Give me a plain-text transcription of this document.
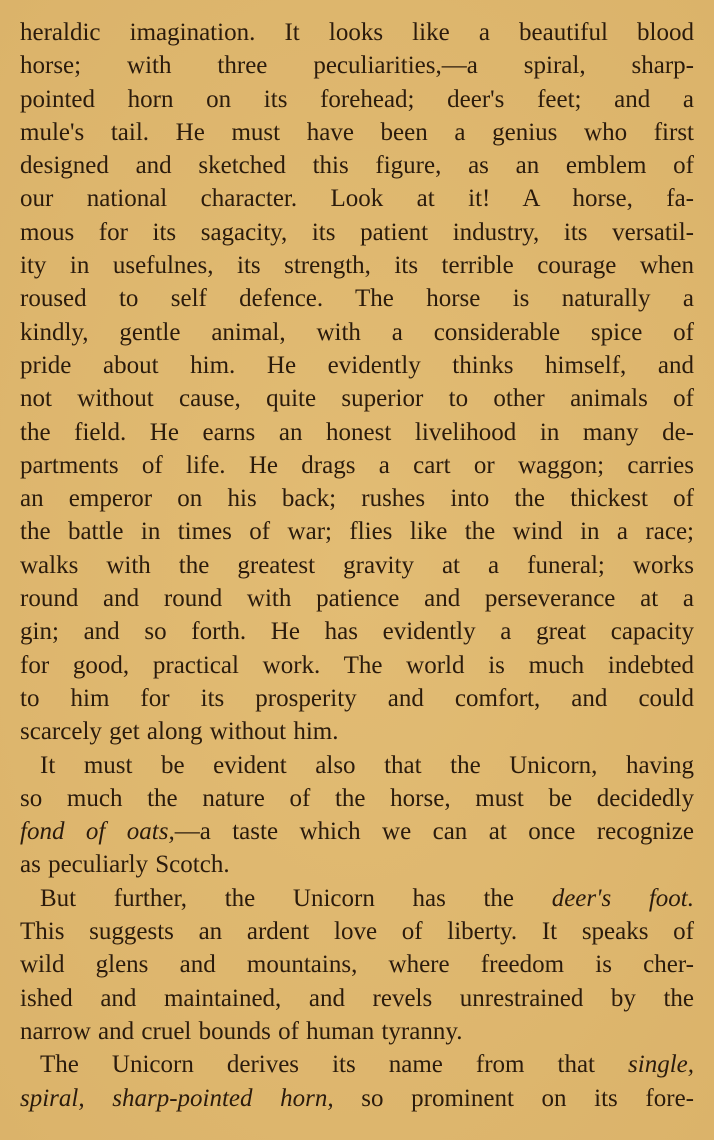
heraldic imagination. It looks like a beautiful blood
horse; with three peculiarities,—a spiral, sharp-
pointed horn on its forehead; deer's feet; and a
mule's tail. He must have been a genius who first
designed and sketched this figure, as an emblem of
our national character. Look at it! A horse, fa-
mous for its sagacity, its patient industry, its versatil-
ity in usefulnes, its strength, its terrible courage when
roused to self defence. The horse is naturally a
kindly, gentle animal, with a considerable spice of
pride about him. He evidently thinks himself, and
not without cause, quite superior to other animals of
the field. He earns an honest livelihood in many de-
partments of life. He drags a cart or waggon; carries
an emperor on his back; rushes into the thickest of
the battle in times of war; flies like the wind in a race;
walks with the greatest gravity at a funeral; works
round and round with patience and perseverance at a
gin; and so forth. He has evidently a great capacity
for good, practical work. The world is much indebted
to him for its prosperity and comfort, and could
scarcely get along without him.
It must be evident also that the Unicorn, having
so much the nature of the horse, must be decidedly
fond of oats,—a taste which we can at once recognize
as peculiarly Scotch.
But further, the Unicorn has the deer's foot.
This suggests an ardent love of liberty. It speaks of
wild glens and mountains, where freedom is cher-
ished and maintained, and revels unrestrained by the
narrow and cruel bounds of human tyranny.
The Unicorn derives its name from that single,
spiral, sharp-pointed horn, so prominent on its fore-
